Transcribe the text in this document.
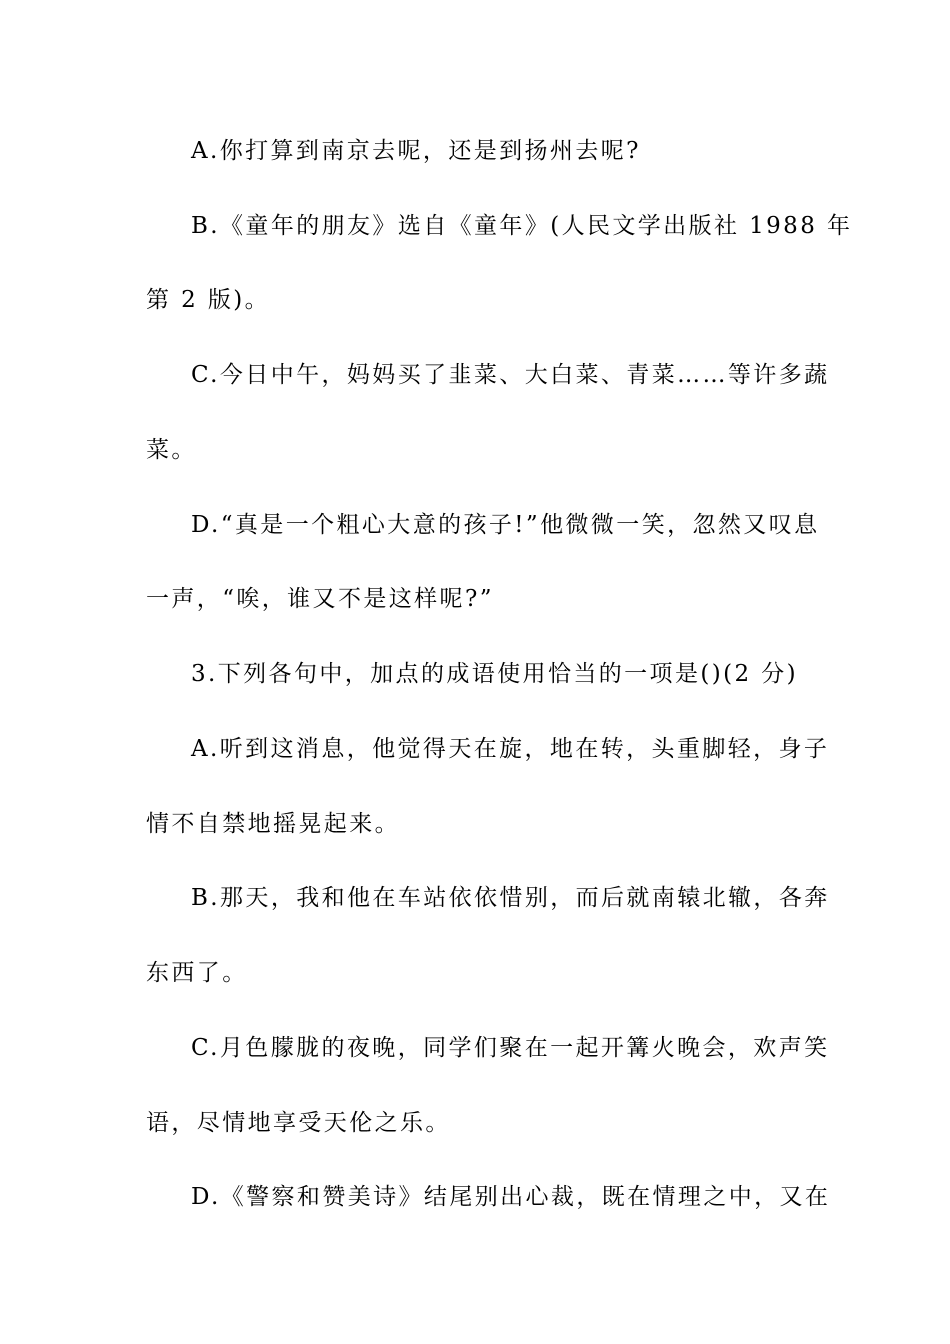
A.你打算到南京去呢，还是到扬州去呢?
B.《童年的朋友》选自《童年》(人民文学出版社 1988 年
第 2 版)。
C.今日中午，妈妈买了韭菜、大白菜、青菜……等许多蔬
菜。
D.“真是一个粗心大意的孩子!”他微微一笑，忽然又叹息
一声，“唉，谁又不是这样呢?”
3.下列各句中，加点的成语使用恰当的一项是()(2 分)
A.听到这消息，他觉得天在旋，地在转，头重脚轻，身子
情不自禁地摇晃起来。
B.那天，我和他在车站依依惜别，而后就南辕北辙，各奔
东西了。
C.月色朦胧的夜晚，同学们聚在一起开篝火晚会，欢声笑
语，尽情地享受天伦之乐。
D.《警察和赞美诗》结尾别出心裁，既在情理之中，又在
